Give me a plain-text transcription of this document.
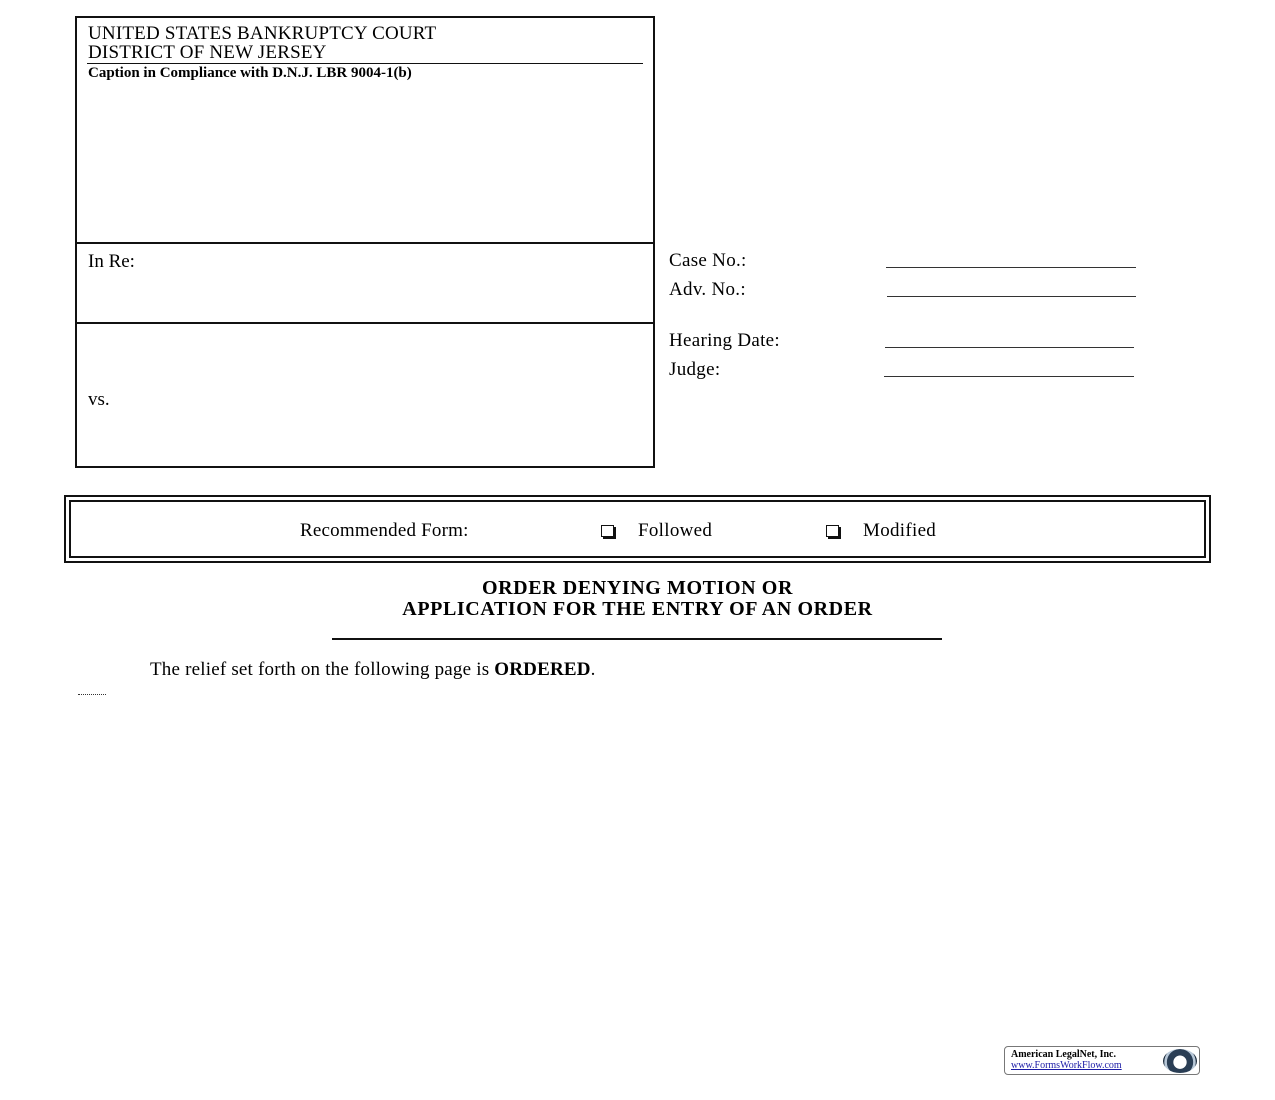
UNITED STATES BANKRUPTCY COURT
DISTRICT OF NEW JERSEY
Caption in Compliance with D.N.J. LBR 9004-1(b)
In Re:
vs.
Case No.:
Adv. No.:
Hearing Date:
Judge:
Recommended Form:	Followed	Modified
ORDER DENYING MOTION OR
APPLICATION FOR THE ENTRY OF AN ORDER
The relief set forth on the following page is ORDERED.
American LegalNet, Inc.
www.FormsWorkFlow.com
